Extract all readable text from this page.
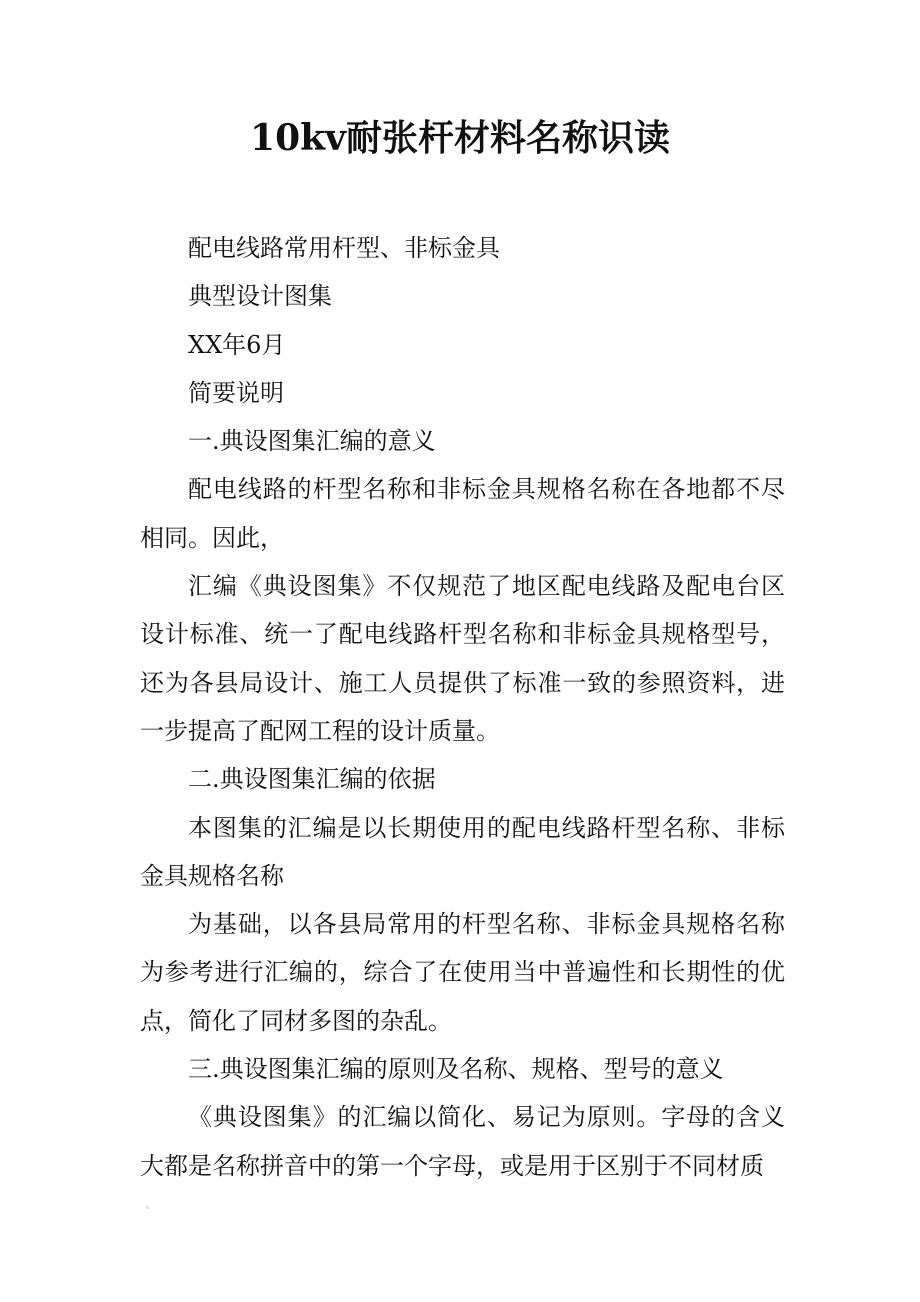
10kv耐张杆材料名称识读

配电线路常用杆型、非标金具

典型设计图集

XX年6月

简要说明

一.典设图集汇编的意义

配电线路的杆型名称和非标金具规格名称在各地都不尽相同。因此，

汇编《典设图集》不仅规范了地区配电线路及配电台区设计标准、统一了配电线路杆型名称和非标金具规格型号，还为各县局设计、施工人员提供了标准一致的参照资料，进一步提高了配网工程的设计质量。

二.典设图集汇编的依据

本图集的汇编是以长期使用的配电线路杆型名称、非标金具规格名称

为基础，以各县局常用的杆型名称、非标金具规格名称为参考进行汇编的，综合了在使用当中普遍性和长期性的优点，简化了同材多图的杂乱。

三.典设图集汇编的原则及名称、规格、型号的意义

《典设图集》的汇编以简化、易记为原则。字母的含义大都是名称拼音中的第一个字母，或是用于区别于不同材质
